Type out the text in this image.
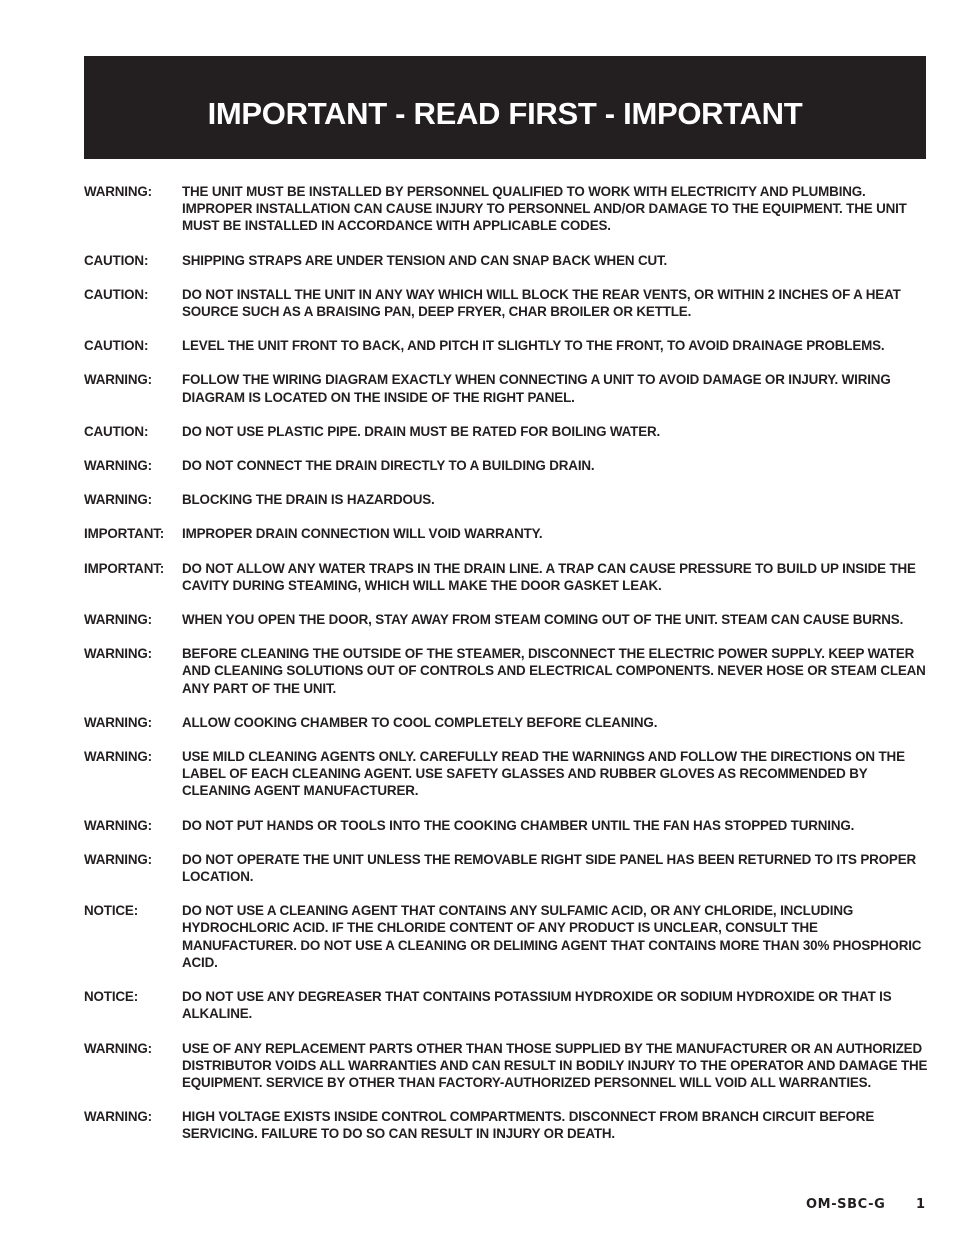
IMPORTANT - READ FIRST - IMPORTANT
WARNING:	THE UNIT MUST BE INSTALLED BY PERSONNEL QUALIFIED TO WORK WITH ELECTRICITY AND PLUMBING. IMPROPER INSTALLATION CAN CAUSE INJURY TO PERSONNEL AND/OR DAMAGE TO THE EQUIPMENT. THE UNIT MUST BE INSTALLED IN ACCORDANCE WITH APPLICABLE CODES.
CAUTION:	SHIPPING STRAPS ARE UNDER TENSION AND CAN SNAP BACK WHEN CUT.
CAUTION:	DO NOT INSTALL THE UNIT IN ANY WAY WHICH WILL BLOCK THE REAR VENTS, OR WITHIN 2 INCHES OF A HEAT SOURCE SUCH AS A BRAISING PAN, DEEP FRYER, CHAR BROILER OR KETTLE.
CAUTION:	LEVEL THE UNIT FRONT TO BACK, AND PITCH IT SLIGHTLY TO THE FRONT, TO AVOID DRAINAGE PROBLEMS.
WARNING:	FOLLOW THE WIRING DIAGRAM EXACTLY WHEN CONNECTING A UNIT TO AVOID DAMAGE OR INJURY. WIRING DIAGRAM IS LOCATED ON THE INSIDE OF THE RIGHT PANEL.
CAUTION:	DO NOT USE PLASTIC PIPE. DRAIN MUST BE RATED FOR BOILING WATER.
WARNING:	DO NOT CONNECT THE DRAIN DIRECTLY TO A BUILDING DRAIN.
WARNING:	BLOCKING THE DRAIN IS HAZARDOUS.
IMPORTANT:	IMPROPER DRAIN CONNECTION WILL VOID WARRANTY.
IMPORTANT:	DO NOT ALLOW ANY WATER TRAPS IN THE DRAIN LINE. A TRAP CAN CAUSE PRESSURE TO BUILD UP INSIDE THE CAVITY DURING STEAMING, WHICH WILL MAKE THE DOOR GASKET LEAK.
WARNING:	WHEN YOU OPEN THE DOOR, STAY AWAY FROM STEAM COMING OUT OF THE UNIT. STEAM CAN CAUSE BURNS.
WARNING:	BEFORE CLEANING THE OUTSIDE OF THE STEAMER, DISCONNECT THE ELECTRIC POWER SUPPLY. KEEP WATER AND CLEANING SOLUTIONS OUT OF CONTROLS AND ELECTRICAL COMPONENTS. NEVER HOSE OR STEAM CLEAN ANY PART OF THE UNIT.
WARNING:	ALLOW COOKING CHAMBER TO COOL COMPLETELY BEFORE CLEANING.
WARNING:	USE MILD CLEANING AGENTS ONLY. CAREFULLY READ THE WARNINGS AND FOLLOW THE DIRECTIONS ON THE LABEL OF EACH CLEANING AGENT. USE SAFETY GLASSES AND RUBBER GLOVES AS RECOMMENDED BY CLEANING AGENT MANUFACTURER.
WARNING:	DO NOT PUT HANDS OR TOOLS INTO THE COOKING CHAMBER UNTIL THE FAN HAS STOPPED TURNING.
WARNING:	DO NOT OPERATE THE UNIT UNLESS THE REMOVABLE RIGHT SIDE PANEL HAS BEEN RETURNED TO ITS PROPER LOCATION.
NOTICE:	DO NOT USE A CLEANING AGENT THAT CONTAINS ANY SULFAMIC ACID, OR ANY CHLORIDE, INCLUDING HYDROCHLORIC ACID. IF THE CHLORIDE CONTENT OF ANY PRODUCT IS UNCLEAR, CONSULT THE MANUFACTURER. DO NOT USE A CLEANING OR DELIMING AGENT THAT CONTAINS MORE THAN 30% PHOSPHORIC ACID.
NOTICE:	DO NOT USE ANY DEGREASER THAT CONTAINS POTASSIUM HYDROXIDE OR SODIUM HYDROXIDE OR THAT IS ALKALINE.
WARNING:	USE OF ANY REPLACEMENT PARTS OTHER THAN THOSE SUPPLIED BY THE MANUFACTURER OR AN AUTHORIZED DISTRIBUTOR VOIDS ALL WARRANTIES AND CAN RESULT IN BODILY INJURY TO THE OPERATOR AND DAMAGE THE EQUIPMENT. SERVICE BY OTHER THAN FACTORY-AUTHORIZED PERSONNEL WILL VOID ALL WARRANTIES.
WARNING:	HIGH VOLTAGE EXISTS INSIDE CONTROL COMPARTMENTS. DISCONNECT FROM BRANCH CIRCUIT BEFORE SERVICING. FAILURE TO DO SO CAN RESULT IN INJURY OR DEATH.
OM-SBC-G 1
